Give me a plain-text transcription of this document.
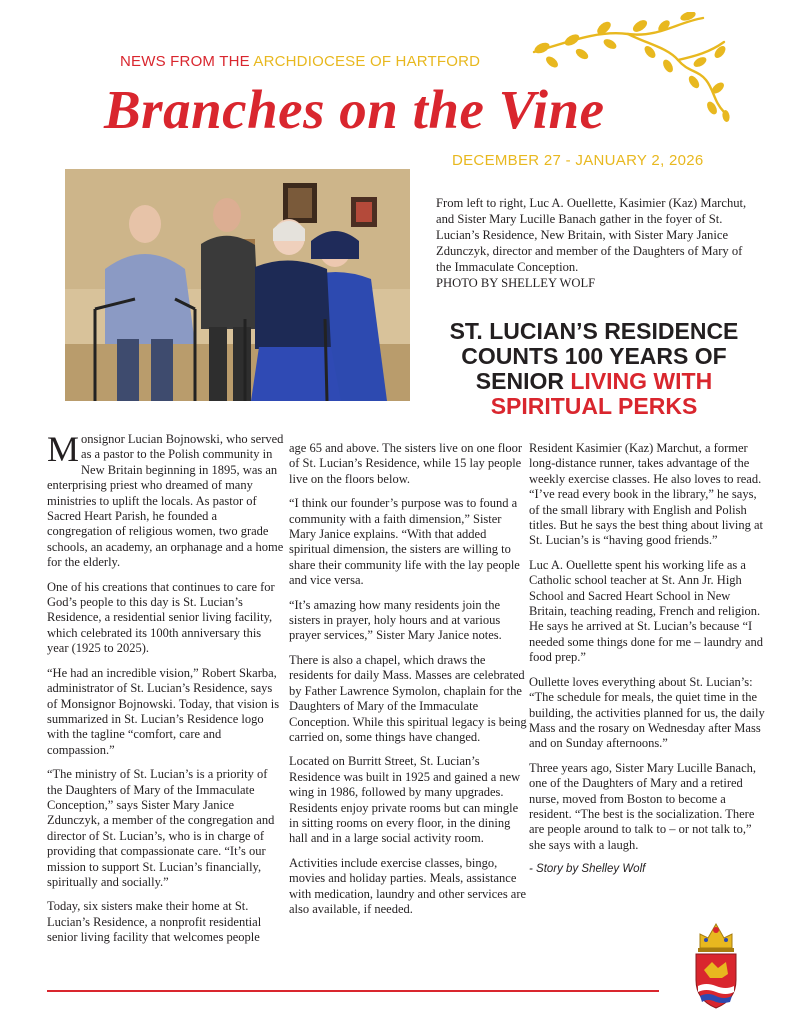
NEWS FROM THE ARCHDIOCESE OF HARTFORD
Branches on the Vine
DECEMBER 27 - JANUARY 2, 2026
From left to right, Luc A. Ouellette, Kasimier (Kaz) Marchut, and Sister Mary Lucille Banach gather in the foyer of St. Lucian’s Residence, New Britain, with Sister Mary Janice Zdunczyk, director and member of the Daughters of Mary of the Immaculate Conception.
PHOTO BY SHELLEY WOLF
ST. LUCIAN’S RESIDENCE COUNTS 100 YEARS OF SENIOR LIVING WITH SPIRITUAL PERKS

Monsignor Lucian Bojnowski, who served as a pastor to the Polish community in New Britain beginning in 1895, was an enterprising priest who dreamed of many ministries to uplift the locals. As pastor of Sacred Heart Parish, he founded a congregation of religious women, two grade schools, an academy, an orphanage and a home for the elderly.

One of his creations that continues to care for God’s people to this day is St. Lucian’s Residence, a residential senior living facility, which celebrated its 100th anniversary this year (1925 to 2025).

“He had an incredible vision,” Robert Skarba, administrator of St. Lucian’s Residence, says of Monsignor Bojnowski. Today, that vision is summarized in St. Lucian’s Residence logo with the tagline “comfort, care and compassion.”

“The ministry of St. Lucian’s is a priority of the Daughters of Mary of the Immaculate Conception,” says Sister Mary Janice Zdunczyk, a member of the congregation and director of St. Lucian’s, who is in charge of providing that compassionate care. “It’s our mission to support St. Lucian’s financially, spiritually and socially.”

Today, six sisters make their home at St. Lucian’s Residence, a nonprofit residential senior living facility that welcomes people

age 65 and above. The sisters live on one floor of St. Lucian’s Residence, while 15 lay people live on the floors below.

“I think our founder’s purpose was to found a community with a faith dimension,” Sister Mary Janice explains. “With that added spiritual dimension, the sisters are willing to share their community life with the lay people and vice versa.

“It’s amazing how many residents join the sisters in prayer, holy hours and at various prayer services,” Sister Mary Janice notes.

There is also a chapel, which draws the residents for daily Mass. Masses are celebrated by Father Lawrence Symolon, chaplain for the Daughters of Mary of the Immaculate Conception. While this spiritual legacy is being carried on, some things have changed.

Located on Burritt Street, St. Lucian’s Residence was built in 1925 and gained a new wing in 1986, followed by many upgrades. Residents enjoy private rooms but can mingle in sitting rooms on every floor, in the dining hall and in a large social activity room.

Activities include exercise classes, bingo, movies and holiday parties. Meals, assistance with medication, laundry and other services are also available, if needed.

Resident Kasimier (Kaz) Marchut, a former long-distance runner, takes advantage of the weekly exercise classes. He also loves to read. “I’ve read every book in the library,” he says, of the small library with English and Polish titles. But he says the best thing about living at St. Lucian’s is “having good friends.”

Luc A. Ouellette spent his working life as a Catholic school teacher at St. Ann Jr. High School and Sacred Heart School in New Britain, teaching reading, French and religion. He says he arrived at St. Lucian’s because “I needed some things done for me – laundry and food prep.”

Oullette loves everything about St. Lucian’s: “The schedule for meals, the quiet time in the building, the activities planned for us, the daily Mass and the rosary on Wednesday after Mass and on Sunday afternoons.”

Three years ago, Sister Mary Lucille Banach, one of the Daughters of Mary and a retired nurse, moved from Boston to become a resident. “The best is the socialization. There are people around to talk to – or not talk to,” she says with a laugh.

- Story by Shelley Wolf
